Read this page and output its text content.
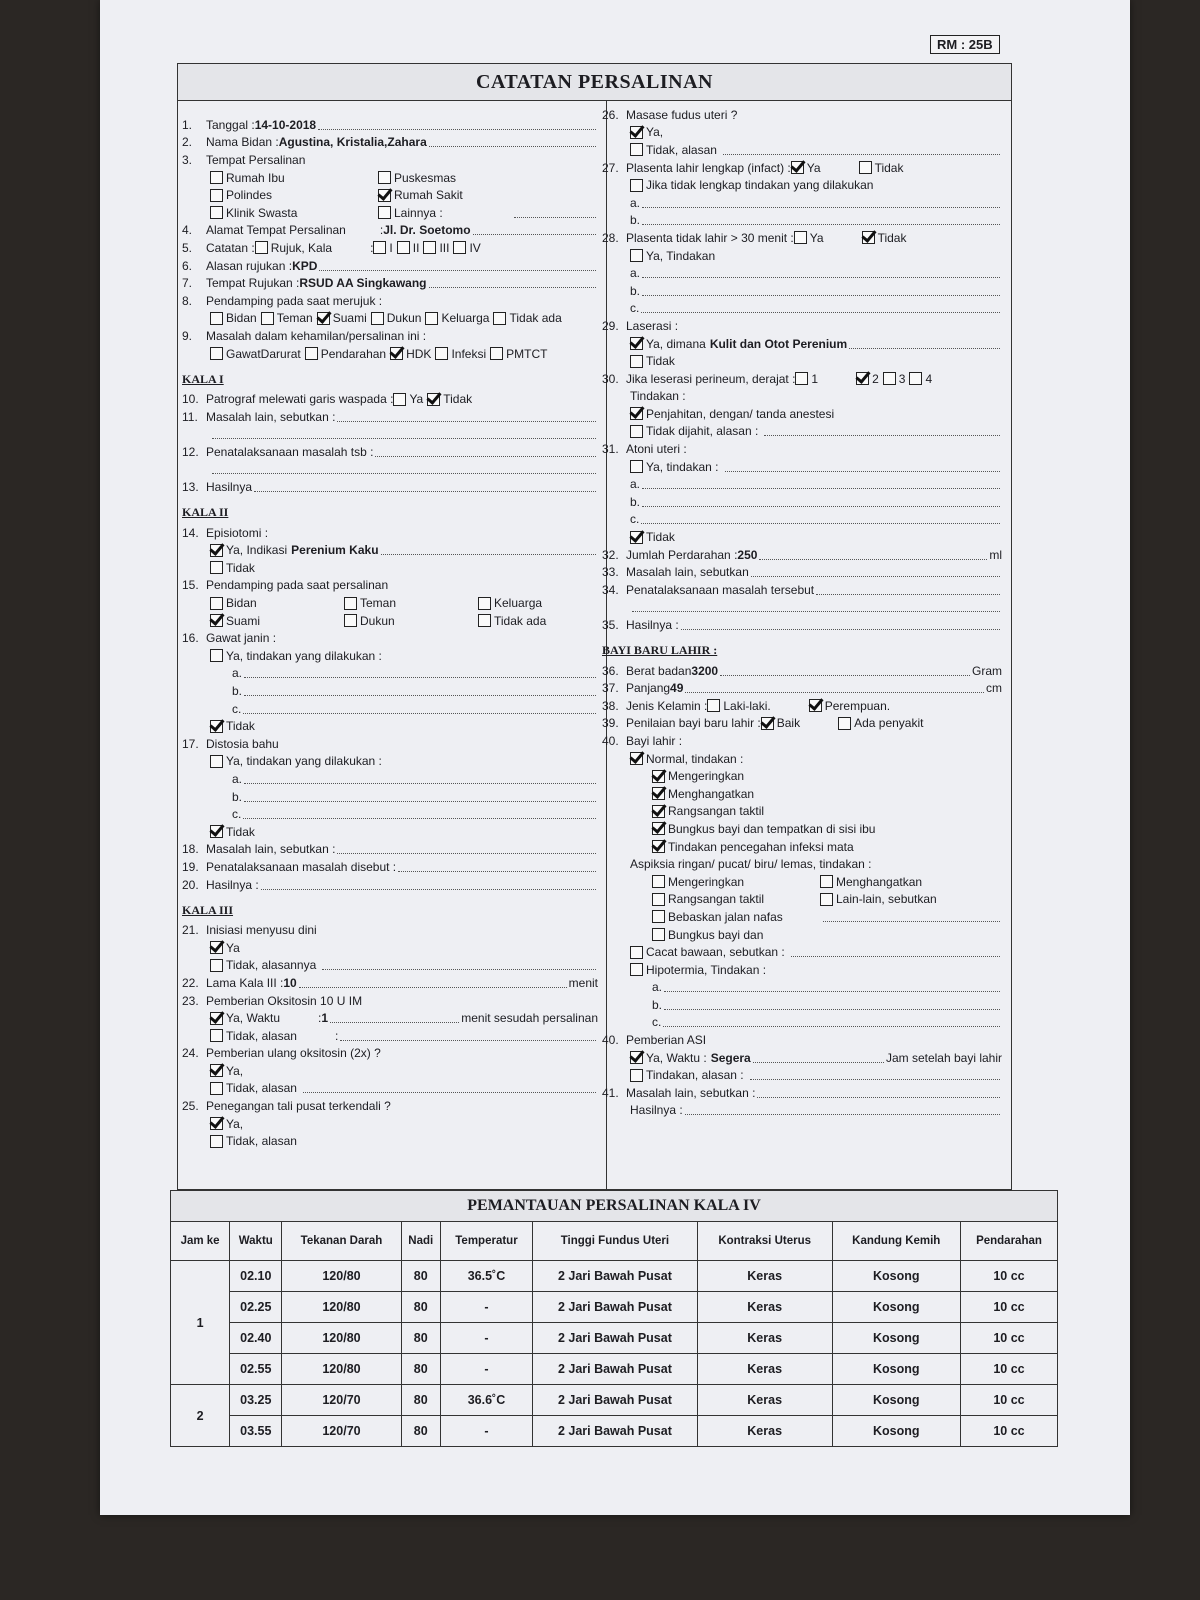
RM : 25B
CATATAN PERSALINAN
1.	Tanggal : 14-10-2018
2.	Nama Bidan : Agustina, Kristalia,Zahara
3.	Tempat Persalinan
Rumah Ibu	Puskesmas
Polindes	Rumah Sakit
Klinik Swasta	Lainnya :
4.	Alamat Tempat Persalinan	: Jl. Dr. Soetomo
5.	Catatan : Rujuk, Kala	: I II III IV
6.	Alasan rujukan : KPD
7.	Tempat Rujukan : RSUD AA Singkawang
8.	Pendamping pada saat merujuk :
Bidan Teman Suami Dukun Keluarga Tidak ada
9.	Masalah dalam kehamilan/persalinan ini :
GawatDarurat Pendarahan HDK Infeksi PMTCT
KALA I
10. Patrograf melewati garis waspada : Ya Tidak
11. Masalah lain, sebutkan :
12. Penatalaksanaan masalah tsb :
13. Hasilnya
KALA II
14. Episiotomi :
Ya, Indikasi Perenium Kaku
Tidak
15. Pendamping pada saat persalinan
Bidan	Teman	Keluarga
Suami	Dukun	Tidak ada
16. Gawat janin :
Ya, tindakan yang dilakukan :
a.
b.
c.
Tidak
17. Distosia bahu
Ya, tindakan yang dilakukan :
a.
b.
c.
Tidak
18. Masalah lain, sebutkan :
19. Penatalaksanaan masalah disebut :
20. Hasilnya :
KALA III
21. Inisiasi menyusu dini
Ya
Tidak, alasannya
22. Lama Kala III : 10	menit
23. Pemberian Oksitosin 10 U IM
Ya, Waktu	: 1	menit sesudah persalinan
Tidak, alasan	:
24. Pemberian ulang oksitosin (2x) ?
Ya,
Tidak, alasan
25. Penegangan tali pusat terkendali ?
Ya,
Tidak, alasan
26. Masase fudus uteri ?
Ya,
Tidak, alasan
27. Plasenta lahir lengkap (infact) : Ya	Tidak
Jika tidak lengkap tindakan yang dilakukan
a.
b.
28. Plasenta tidak lahir > 30 menit : Ya	Tidak
Ya, Tindakan
a.
b.
c.
29. Laserasi :
Ya, dimana Kulit dan Otot Perenium
Tidak
30. Jika leserasi perineum, derajat : 1	2 3 4
Tindakan :
Penjahitan, dengan/ tanda anestesi
Tidak dijahit, alasan :
31. Atoni uteri :
Ya, tindakan :
a.
b.
c.
Tidak
32. Jumlah Perdarahan : 250	ml
33. Masalah lain, sebutkan
34. Penatalaksanaan masalah tersebut
35. Hasilnya :
BAYI BARU LAHIR :
36. Berat badan 3200	Gram
37. Panjang 49	cm
38. Jenis Kelamin : Laki-laki.	Perempuan.
39. Penilaian bayi baru lahir : Baik	Ada penyakit
40. Bayi lahir :
Normal, tindakan :
Mengeringkan
Menghangatkan
Rangsangan taktil
Bungkus bayi dan tempatkan di sisi ibu
Tindakan pencegahan infeksi mata
Aspiksia ringan/ pucat/ biru/ lemas, tindakan :
Mengeringkan	Menghangatkan
Rangsangan taktil	Lain-lain, sebutkan
Bebaskan jalan nafas
Bungkus bayi dan
Cacat bawaan, sebutkan :
Hipotermia, Tindakan :
a.
b.
c.
40. Pemberian ASI
Ya, Waktu : Segera	Jam setelah bayi lahir
Tindakan, alasan :
41. Masalah lain, sebutkan :
Hasilnya :
PEMANTAUAN PERSALINAN KALA IV
Jam ke	Waktu	Tekanan Darah	Nadi	Temperatur	Tinggi Fundus Uteri	Kontraksi Uterus	Kandung Kemih	Pendarahan
1	02.10	120/80	80	36.5˚C	2 Jari Bawah Pusat	Keras	Kosong	10 cc
	02.25	120/80	80	-	2 Jari Bawah Pusat	Keras	Kosong	10 cc
	02.40	120/80	80	-	2 Jari Bawah Pusat	Keras	Kosong	10 cc
	02.55	120/80	80	-	2 Jari Bawah Pusat	Keras	Kosong	10 cc
2	03.25	120/70	80	36.6˚C	2 Jari Bawah Pusat	Keras	Kosong	10 cc
	03.55	120/70	80	-	2 Jari Bawah Pusat	Keras	Kosong	10 cc
